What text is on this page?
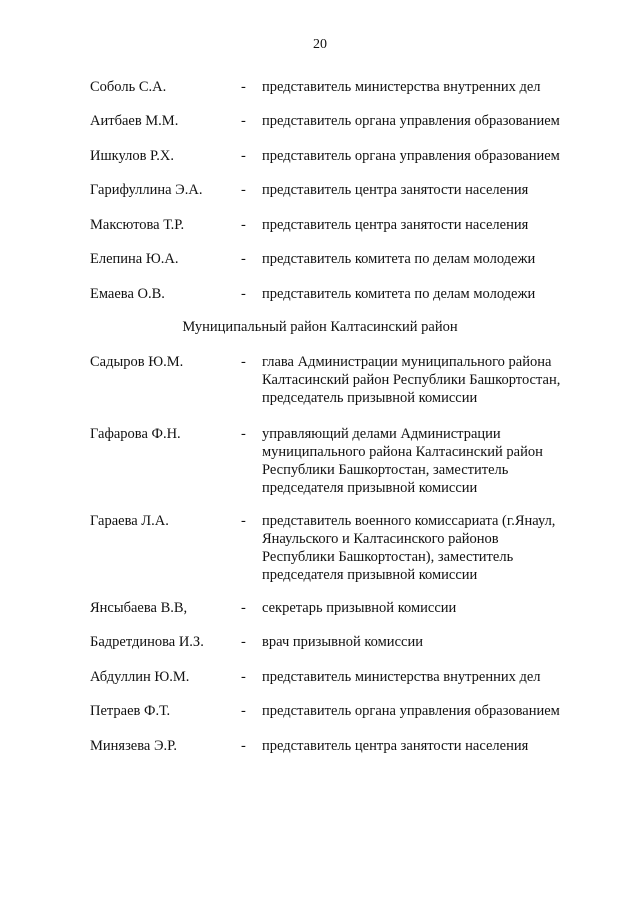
20
Соболь С.А.	- представитель министерства внутренних дел
Аитбаев М.М.	- представитель органа управления образованием
Ишкулов Р.Х.	- представитель органа управления образованием
Гарифуллина Э.А.	- представитель центра занятости населения
Максютова Т.Р.	- представитель центра занятости населения
Елепина Ю.А.	- представитель комитета по делам молодежи
Емаева О.В.	- представитель комитета по делам молодежи
Муниципальный район Калтасинский район
Садыров Ю.М.	- глава Администрации муниципального района
Калтасинский район Республики Башкортостан,
председатель призывной комиссии
Гафарова Ф.Н.	- управляющий делами Администрации
муниципального района Калтасинский район
Республики Башкортостан, заместитель
председателя призывной комиссии
Гараева Л.А.	- представитель военного комиссариата (г.Янаул,
Янаульского и Калтасинского районов
Республики Башкортостан), заместитель
председателя призывной комиссии
Янсыбаева В.В,	- секретарь призывной комиссии
Бадретдинова И.З.	- врач призывной комиссии
Абдуллин Ю.М.	- представитель министерства внутренних дел
Петраев Ф.Т.	- представитель органа управления образованием
Минязева Э.Р.	- представитель центра занятости населения
